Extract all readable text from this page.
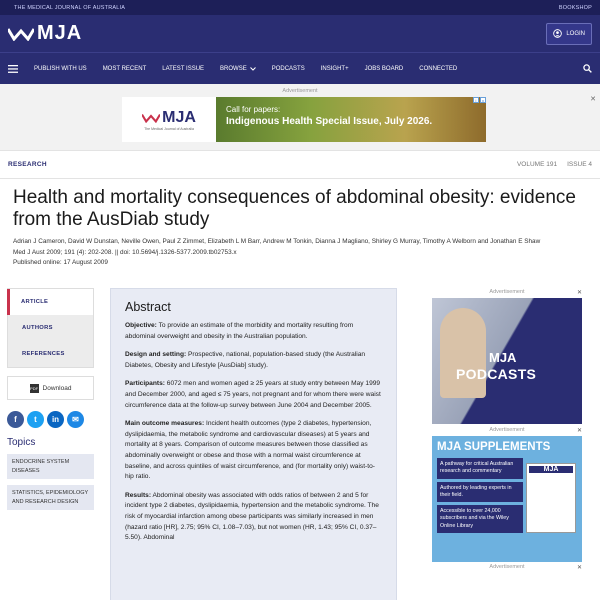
THE MEDICAL JOURNAL OF AUSTRALIA	BOOKSHOP
MJA	LOGIN
PUBLISH WITH US	MOST RECENT	LATEST ISSUE	BROWSE	PODCASTS	INSIGHT+	JOBS BOARD	CONNECTED
Advertisement
✕
MJA
The Medical Journal of Australia
Call for papers:
Indigenous Health Special Issue, July 2026.
i	x
RESEARCH	VOLUME 191 ISSUE 4
Health and mortality consequences of abdominal obesity: evidence from the AusDiab study
Adrian J Cameron, David W Dunstan, Neville Owen, Paul Z Zimmet, Elizabeth L M Barr, Andrew M Tonkin, Dianna J Magliano, Shirley G Murray, Timothy A Welborn and Jonathan E Shaw
Med J Aust 2009; 191 (4): 202-208. || doi: 10.5694/j.1326-5377.2009.tb02753.x
Published online: 17 August 2009
ARTICLE
AUTHORS
REFERENCES
PDF Download
f	t	in	✉
Topics
ENDOCRINE SYSTEM DISEASES
STATISTICS, EPIDEMIOLOGY AND RESEARCH DESIGN
Abstract

Objective: To provide an estimate of the morbidity and mortality resulting from abdominal overweight and obesity in the Australian population.

Design and setting: Prospective, national, population-based study (the Australian Diabetes, Obesity and Lifestyle [AusDiab] study).

Participants: 6072 men and women aged ≥ 25 years at study entry between May 1999 and December 2000, and aged ≤ 75 years, not pregnant and for whom there were waist circumference data at the follow-up survey between June 2004 and December 2005.

Main outcome measures: Incident health outcomes (type 2 diabetes, hypertension, dyslipidaemia, the metabolic syndrome and cardiovascular diseases) at 5 years and mortality at 8 years. Comparison of outcome measures between those classified as abdominally overweight or obese and those with a normal waist circumference at baseline, and across quintiles of waist circumference, and (for mortality only) waist-to-hip ratio.

Results: Abdominal obesity was associated with odds ratios of between 2 and 5 for incident type 2 diabetes, dyslipidaemia, hypertension and the metabolic syndrome. The risk of myocardial infarction among obese participants was similarly increased in men (hazard ratio [HR], 2.75; 95% CI, 1.08–7.03), but not women (HR, 1.43; 95% CI, 0.37–5.50). Abdominal

Advertisement	✕
MJA
PODCASTS
Advertisement	✕
MJA SUPPLEMENTS
A pathway for critical Australian research and commentary
Authored by leading experts in their field.
Accessible to over 24,000 subscribers and via the Wiley Online Library
MJA
Advertisement	✕
